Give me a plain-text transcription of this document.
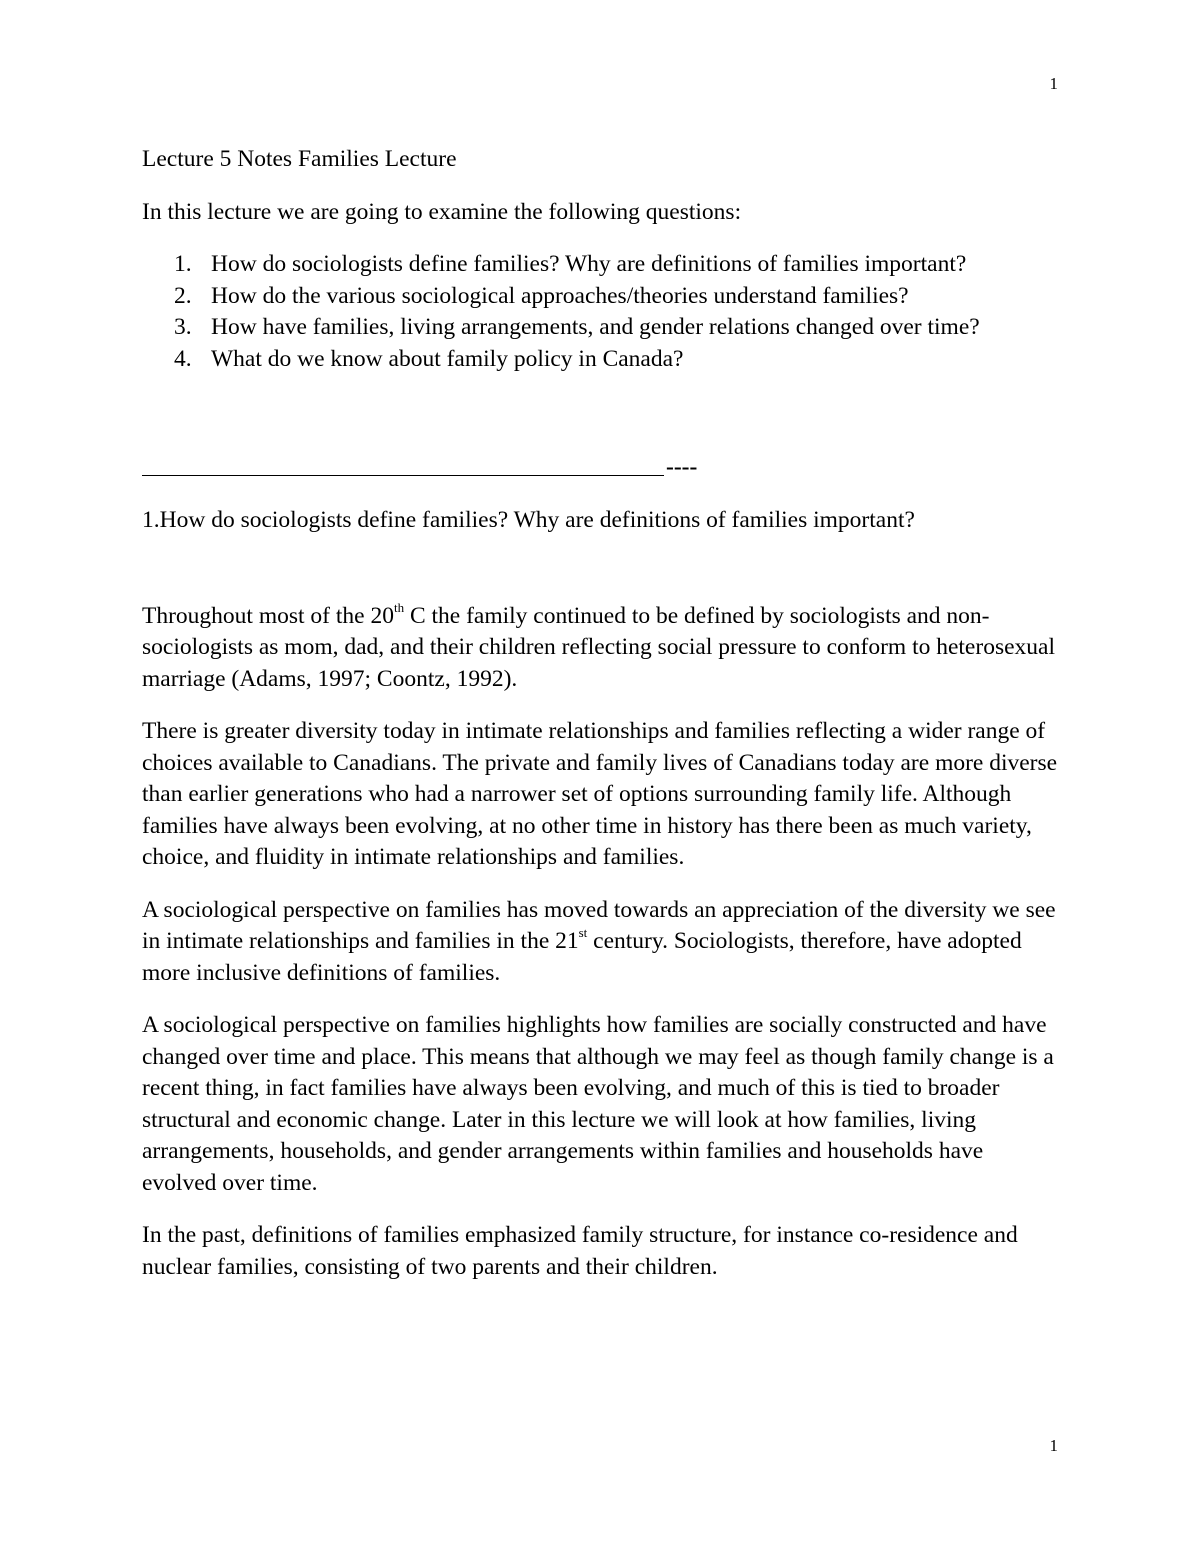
1

Lecture 5 Notes Families Lecture

In this lecture we are going to examine the following questions:

1. How do sociologists define families? Why are definitions of families important?
2. How do the various sociological approaches/theories understand families?
3. How have families, living arrangements, and gender relations changed over time?
4. What do we know about family policy in Canada?
----

1.How do sociologists define families? Why are definitions of families important?

Throughout most of the 20th C the family continued to be defined by sociologists and non-sociologists as mom, dad, and their children reflecting social pressure to conform to heterosexual marriage (Adams, 1997; Coontz, 1992).

There is greater diversity today in intimate relationships and families reflecting a wider range of choices available to Canadians. The private and family lives of Canadians today are more diverse than earlier generations who had a narrower set of options surrounding family life. Although families have always been evolving, at no other time in history has there been as much variety, choice, and fluidity in intimate relationships and families.

A sociological perspective on families has moved towards an appreciation of the diversity we see in intimate relationships and families in the 21st century. Sociologists, therefore, have adopted more inclusive definitions of families.

A sociological perspective on families highlights how families are socially constructed and have changed over time and place. This means that although we may feel as though family change is a recent thing, in fact families have always been evolving, and much of this is tied to broader structural and economic change. Later in this lecture we will look at how families, living arrangements, households, and gender arrangements within families and households have evolved over time.

In the past, definitions of families emphasized family structure, for instance co-residence and nuclear families, consisting of two parents and their children.

1
